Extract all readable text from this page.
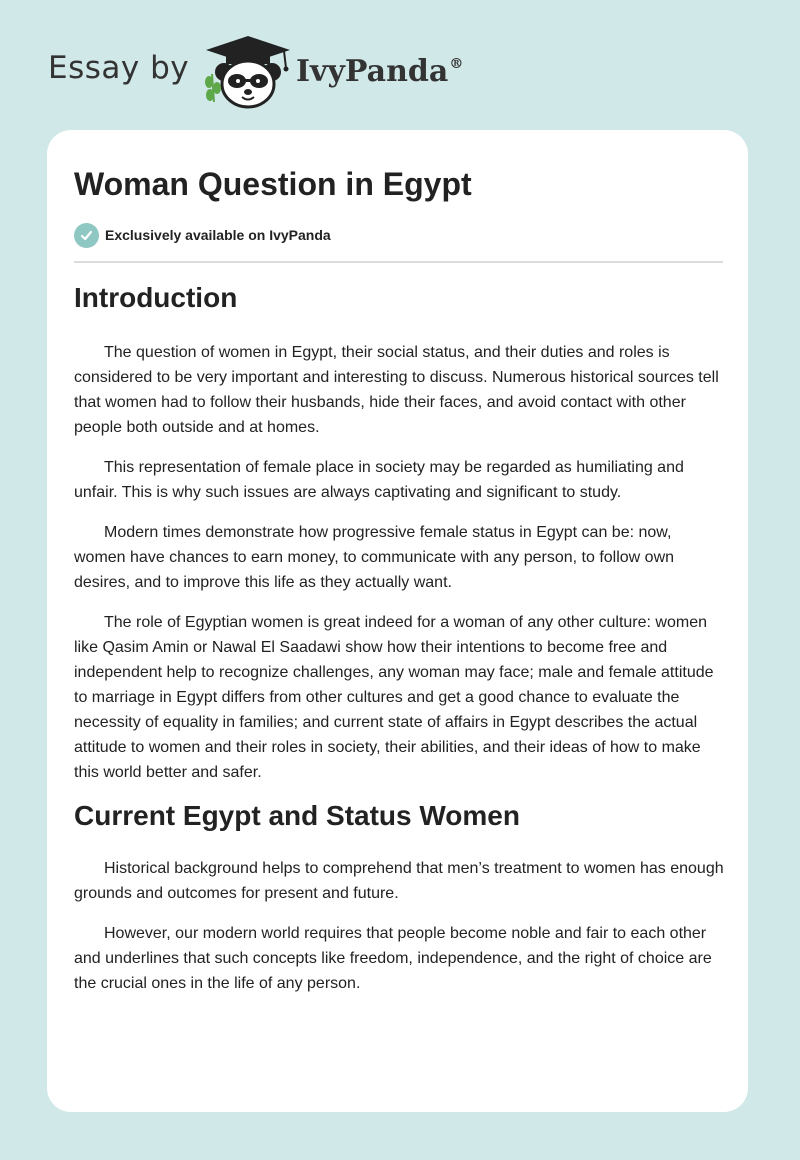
Essay by	IvyPanda®
Woman Question in Egypt
Exclusively available on IvyPanda
Introduction

The question of women in Egypt, their social status, and their duties and roles is considered to be very important and interesting to discuss. Numerous historical sources tell that women had to follow their husbands, hide their faces, and avoid contact with other people both outside and at homes.

This representation of female place in society may be regarded as humiliating and unfair. This is why such issues are always captivating and significant to study.

Modern times demonstrate how progressive female status in Egypt can be: now, women have chances to earn money, to communicate with any person, to follow own desires, and to improve this life as they actually want.

The role of Egyptian women is great indeed for a woman of any other culture: women like Qasim Amin or Nawal El Saadawi show how their intentions to become free and independent help to recognize challenges, any woman may face; male and female attitude to marriage in Egypt differs from other cultures and get a good chance to evaluate the necessity of equality in families; and current state of affairs in Egypt describes the actual attitude to women and their roles in society, their abilities, and their ideas of how to make this world better and safer.

Current Egypt and Status Women

Historical background helps to comprehend that men’s treatment to women has enough grounds and outcomes for present and future.

However, our modern world requires that people become noble and fair to each other and underlines that such concepts like freedom, independence, and the right of choice are the crucial ones in the life of any person.
